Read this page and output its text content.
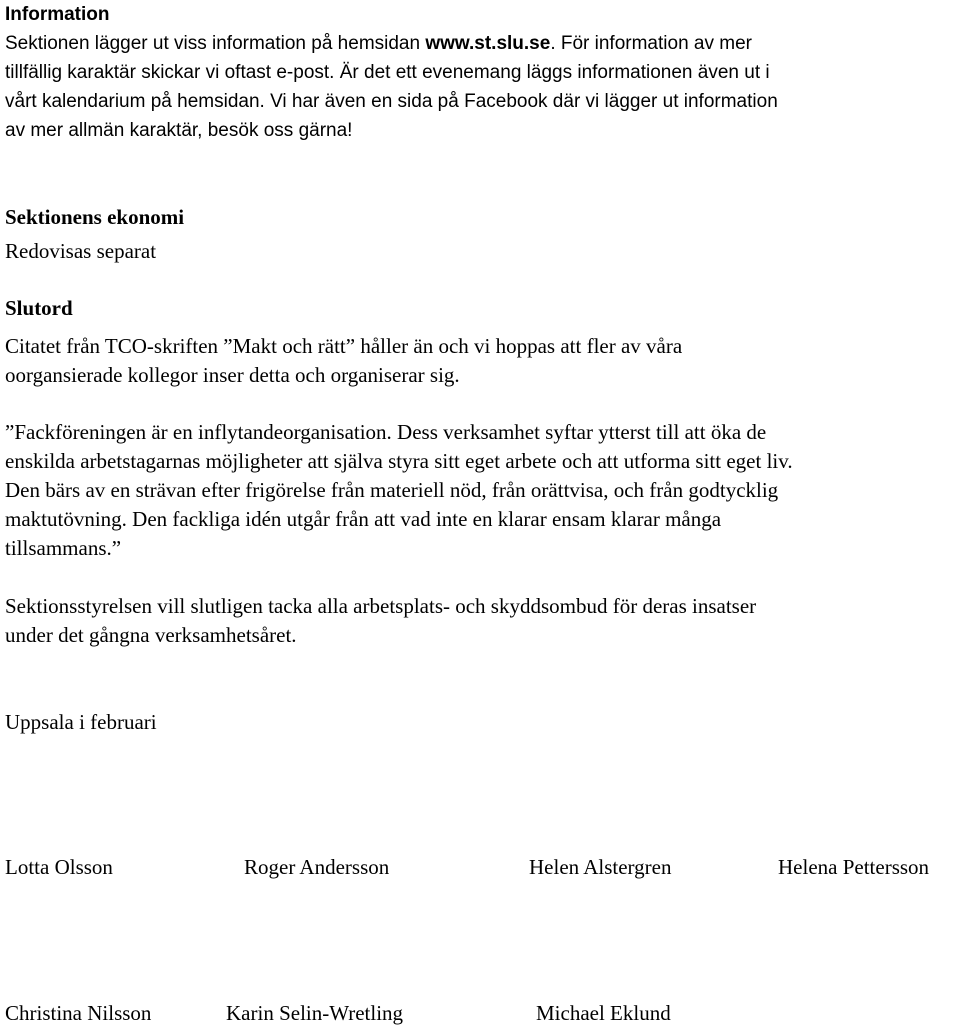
Information

Sektionen lägger ut viss information på hemsidan www.st.slu.se. För information av mer
tillfällig karaktär skickar vi oftast e-post. Är det ett evenemang läggs informationen även ut i
vårt kalendarium på hemsidan. Vi har även en sida på Facebook där vi lägger ut information
av mer allmän karaktär, besök oss gärna!

Sektionens ekonomi

Redovisas separat

Slutord

Citatet från TCO-skriften ”Makt och rätt” håller än och vi hoppas att fler av våra
oorgansierade kollegor inser detta och organiserar sig.

”Fackföreningen är en inflytandeorganisation. Dess verksamhet syftar ytterst till att öka de
enskilda arbetstagarnas möjligheter att själva styra sitt eget arbete och att utforma sitt eget liv.
Den bärs av en strävan efter frigörelse från materiell nöd, från orättvisa, och från godtycklig
maktutövning. Den fackliga idén utgår från att vad inte en klarar ensam klarar många
tillsammans.”

Sektionsstyrelsen vill slutligen tacka alla arbetsplats- och skyddsombud för deras insatser
under det gångna verksamhetsåret.

Uppsala i februari

Lotta Olsson	Roger Andersson	Helen Alstergren	Helena Pettersson
Christina Nilsson	Karin Selin-Wretling	Michael Eklund
